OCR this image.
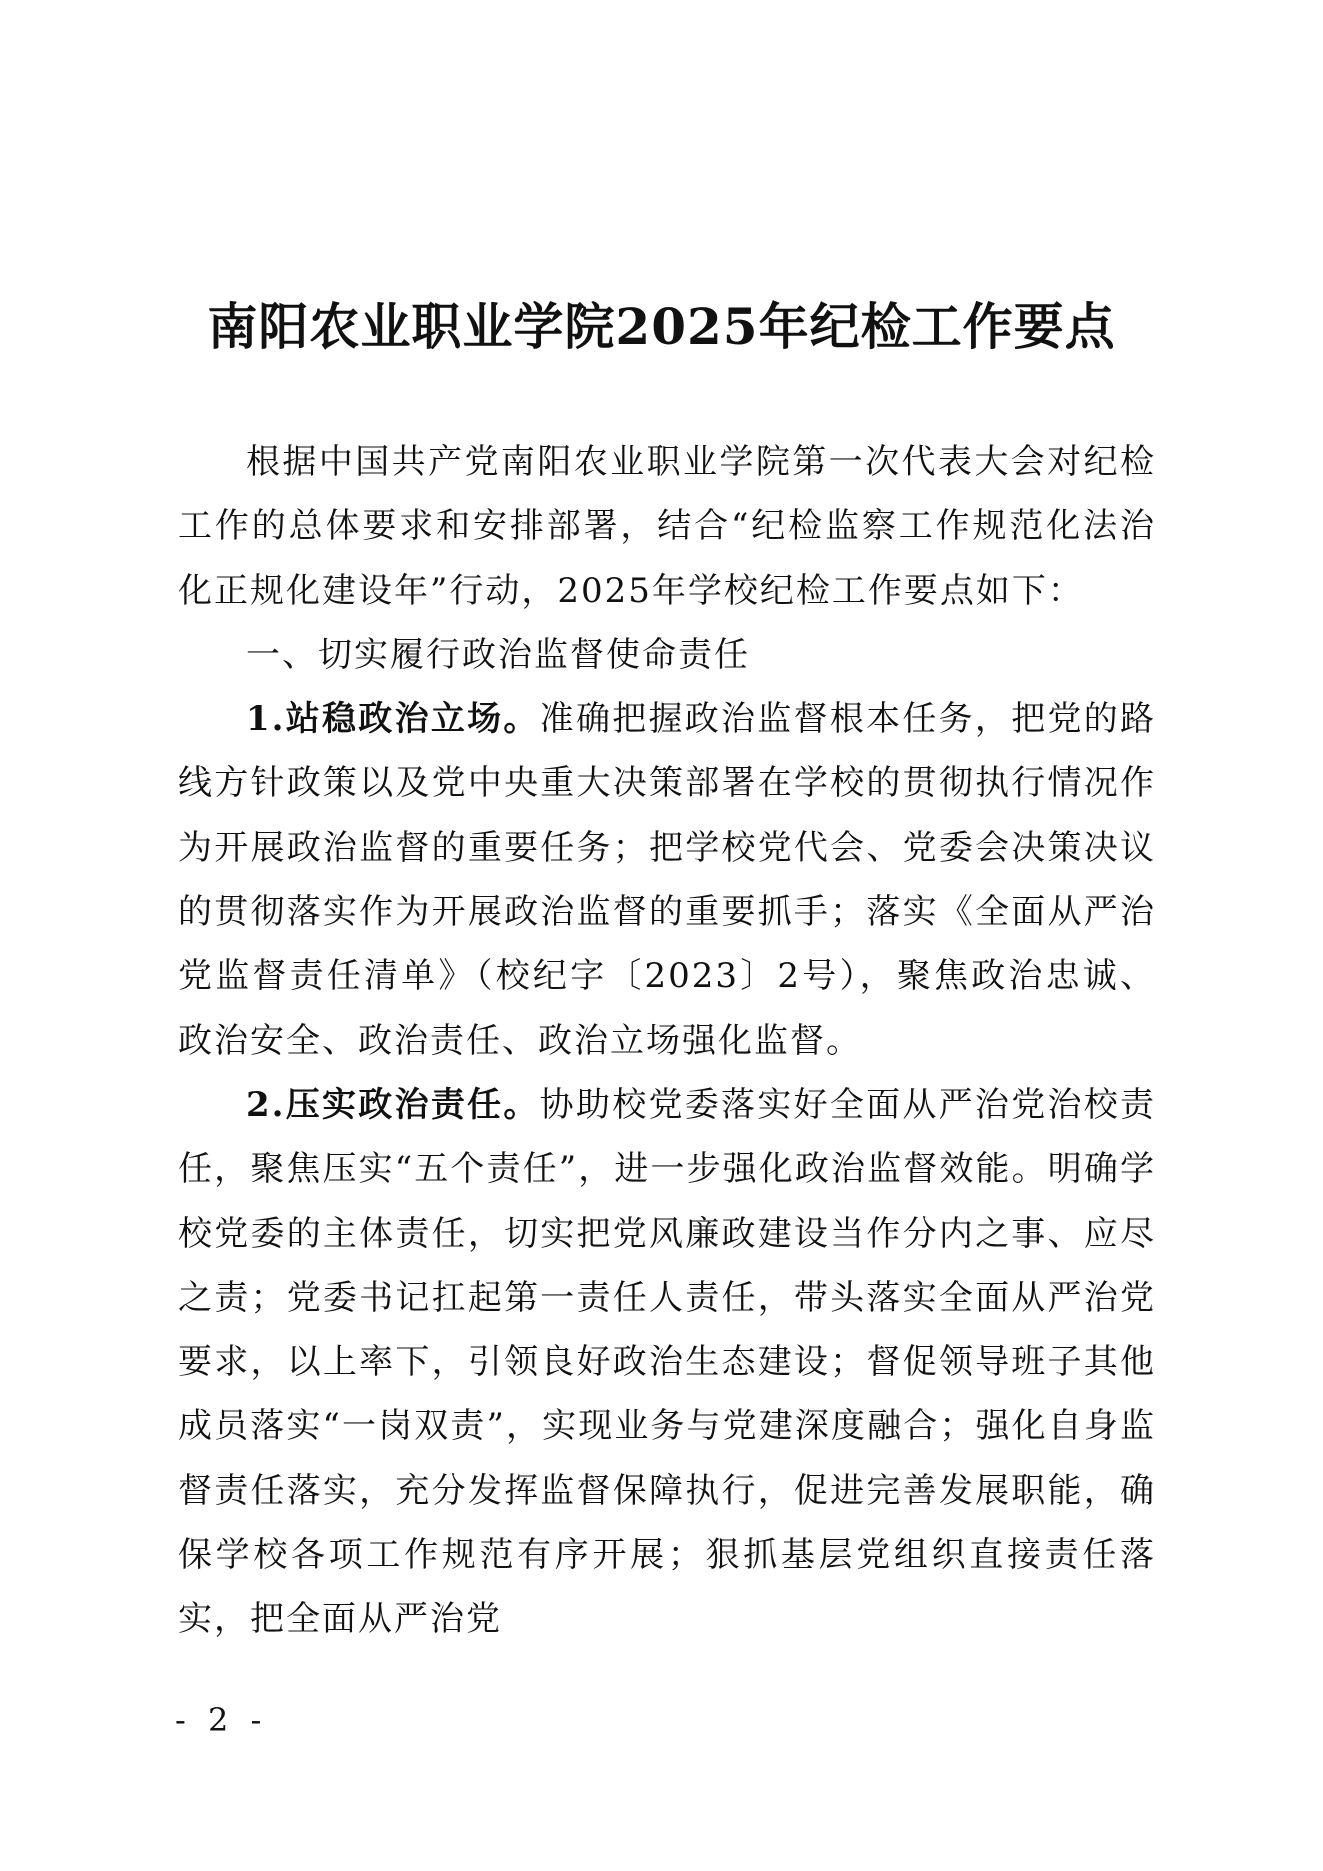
南阳农业职业学院2025年纪检工作要点

根据中国共产党南阳农业职业学院第一次代表大会对纪检工作的总体要求和安排部署，结合“纪检监察工作规范化法治化正规化建设年”行动，2025年学校纪检工作要点如下：

一、切实履行政治监督使命责任

1.站稳政治立场。准确把握政治监督根本任务，把党的路线方针政策以及党中央重大决策部署在学校的贯彻执行情况作为开展政治监督的重要任务；把学校党代会、党委会决策决议的贯彻落实作为开展政治监督的重要抓手；落实《全面从严治党监督责任清单》（校纪字〔2023〕2号），聚焦政治忠诚、政治安全、政治责任、政治立场强化监督。

2.压实政治责任。协助校党委落实好全面从严治党治校责任，聚焦压实“五个责任”，进一步强化政治监督效能。明确学校党委的主体责任，切实把党风廉政建设当作分内之事、应尽之责；党委书记扛起第一责任人责任，带头落实全面从严治党要求，以上率下，引领良好政治生态建设；督促领导班子其他成员落实“一岗双责”，实现业务与党建深度融合；强化自身监督责任落实，充分发挥监督保障执行，促进完善发展职能，确保学校各项工作规范有序开展；狠抓基层党组织直接责任落实，把全面从严治党

- 2 -
